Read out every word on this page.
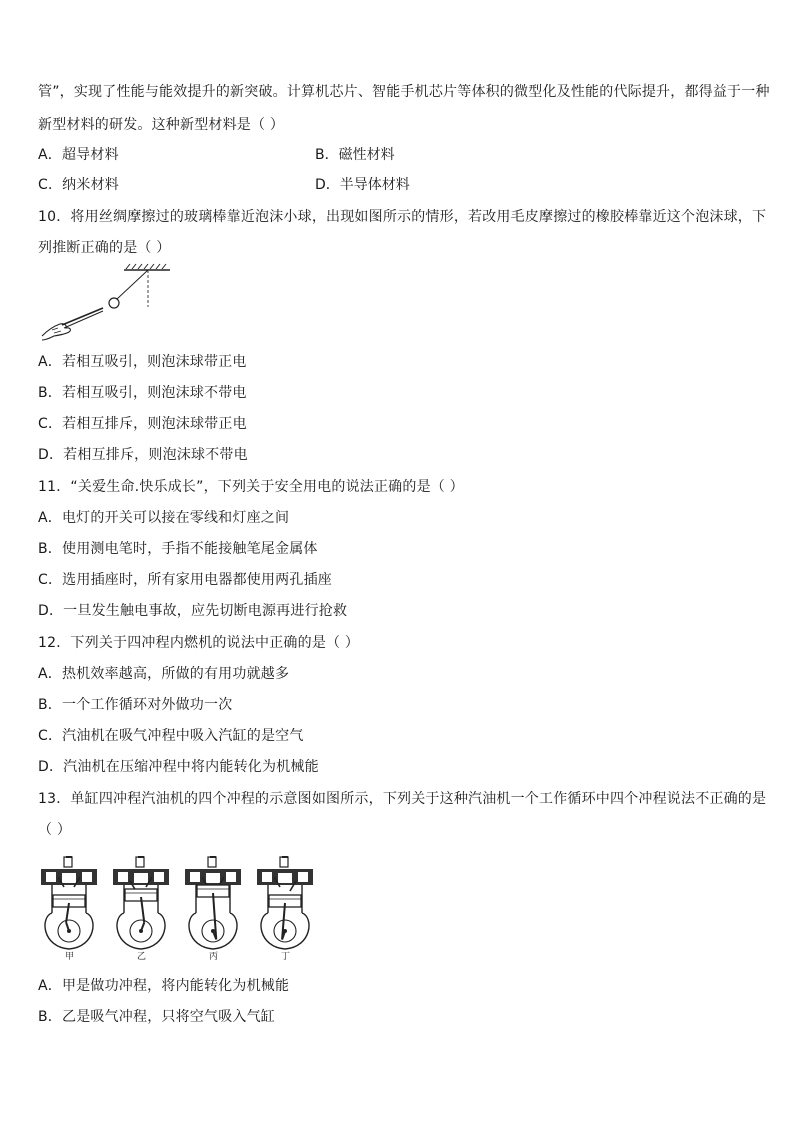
管”，实现了性能与能效提升的新突破。计算机芯片、智能手机芯片等体积的微型化及性能的代际提升，都得益于一种
新型材料的研发。这种新型材料是（ ）
A．超导材料	B．磁性材料
C．纳米材料	D．半导体材料
10．将用丝绸摩擦过的玻璃棒靠近泡沫小球，出现如图所示的情形，若改用毛皮摩擦过的橡胶棒靠近这个泡沫球，下
列推断正确的是（ ）
A．若相互吸引，则泡沫球带正电
B．若相互吸引，则泡沫球不带电
C．若相互排斥，则泡沫球带正电
D．若相互排斥，则泡沫球不带电
11．“关爱生命.快乐成长”，下列关于安全用电的说法正确的是（ ）
A．电灯的开关可以接在零线和灯座之间
B．使用测电笔时，手指不能接触笔尾金属体
C．选用插座时，所有家用电器都使用两孔插座
D．一旦发生触电事故，应先切断电源再进行抢救
12．下列关于四冲程内燃机的说法中正确的是（ ）
A．热机效率越高，所做的有用功就越多
B．一个工作循环对外做功一次
C．汽油机在吸气冲程中吸入汽缸的是空气
D．汽油机在压缩冲程中将内能转化为机械能
13．单缸四冲程汽油机的四个冲程的示意图如图所示，下列关于这种汽油机一个工作循环中四个冲程说法不正确的是
（ ）
甲	乙	丙	丁
A．甲是做功冲程，将内能转化为机械能
B．乙是吸气冲程，只将空气吸入气缸
